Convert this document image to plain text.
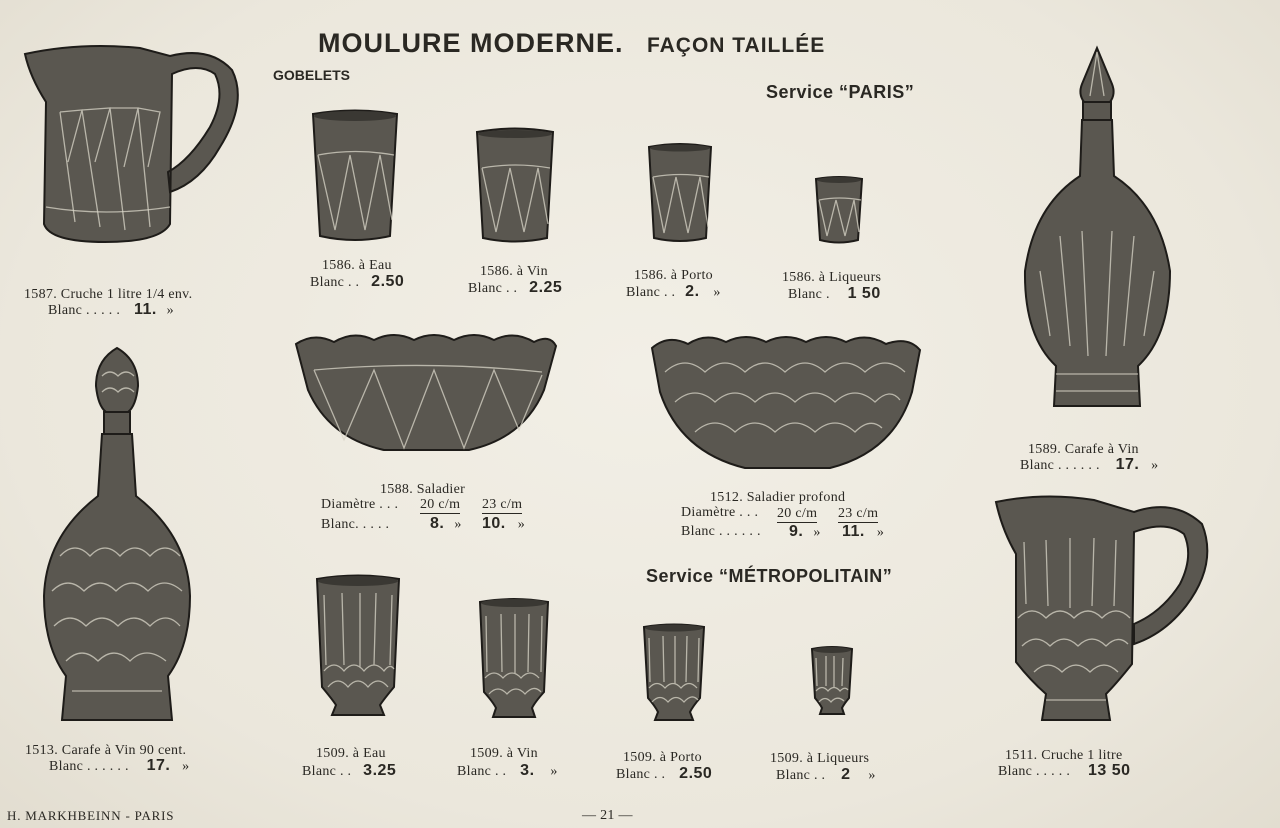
MOULURE MODERNE. FAÇON TAILLÉE
GOBELETS
Service “PARIS”
Service “MÉTROPOLITAIN”
1587. Cruche 1 litre 1/4 env.
Blanc . . . . . 11. »
1586. à Eau
Blanc . . 2.50
1586. à Vin
Blanc . . 2.25
1586. à Porto
Blanc . . 2. »
1586. à Liqueurs
Blanc . 1 50
1589. Carafe à Vin
Blanc . . . . . . 17. »
1588. Saladier
Diamètre . . . 20 c/m 23 c/m
Blanc. . . . .	8. » 10. »
1512. Saladier profond
Diamètre . . . 20 c/m 23 c/m
Blanc . . . . . . 9. » 11. »
1513. Carafe à Vin 90 cent.
Blanc . . . . . . 17. »
1509. à Eau
Blanc . . 3.25
1509. à Vin
Blanc . . 3. »
1509. à Porto
Blanc . . 2.50
1509. à Liqueurs
Blanc . . 2 »
1511. Cruche 1 litre
Blanc . . . . . 13 50
H. MARKHBEINN - PARIS	— 21 —
